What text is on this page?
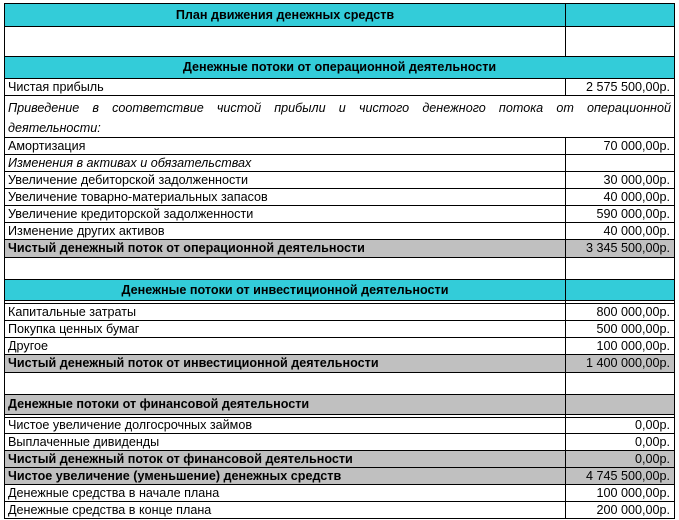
План движения денежных средств
Денежные потоки от операционной деятельности
Чистая прибыль	2 575 500,00р.
Приведение в соответствие чистой прибыли и чистого денежного потока от операционной
деятельности:
Амортизация	70 000,00р.
Изменения в активах и обязательствах
Увеличение дебиторской задолженности	30 000,00р.
Увеличение товарно-материальных запасов	40 000,00р.
Увеличение кредиторской задолженности	590 000,00р.
Изменение других активов	40 000,00р.
Чистый денежный поток от операционной деятельности	3 345 500,00р.
Денежные потоки от инвестиционной деятельности
Капитальные затраты	800 000,00р.
Покупка ценных бумаг	500 000,00р.
Другое	100 000,00р.
Чистый денежный поток от инвестиционной деятельности	1 400 000,00р.
Денежные потоки от финансовой деятельности
Чистое увеличение долгосрочных займов	0,00р.
Выплаченные дивиденды	0,00р.
Чистый денежный поток от финансовой деятельности	0,00р.
Чистое увеличение (уменьшение) денежных средств	4 745 500,00р.
Денежные средства в начале плана	100 000,00р.
Денежные средства в конце плана	200 000,00р.
